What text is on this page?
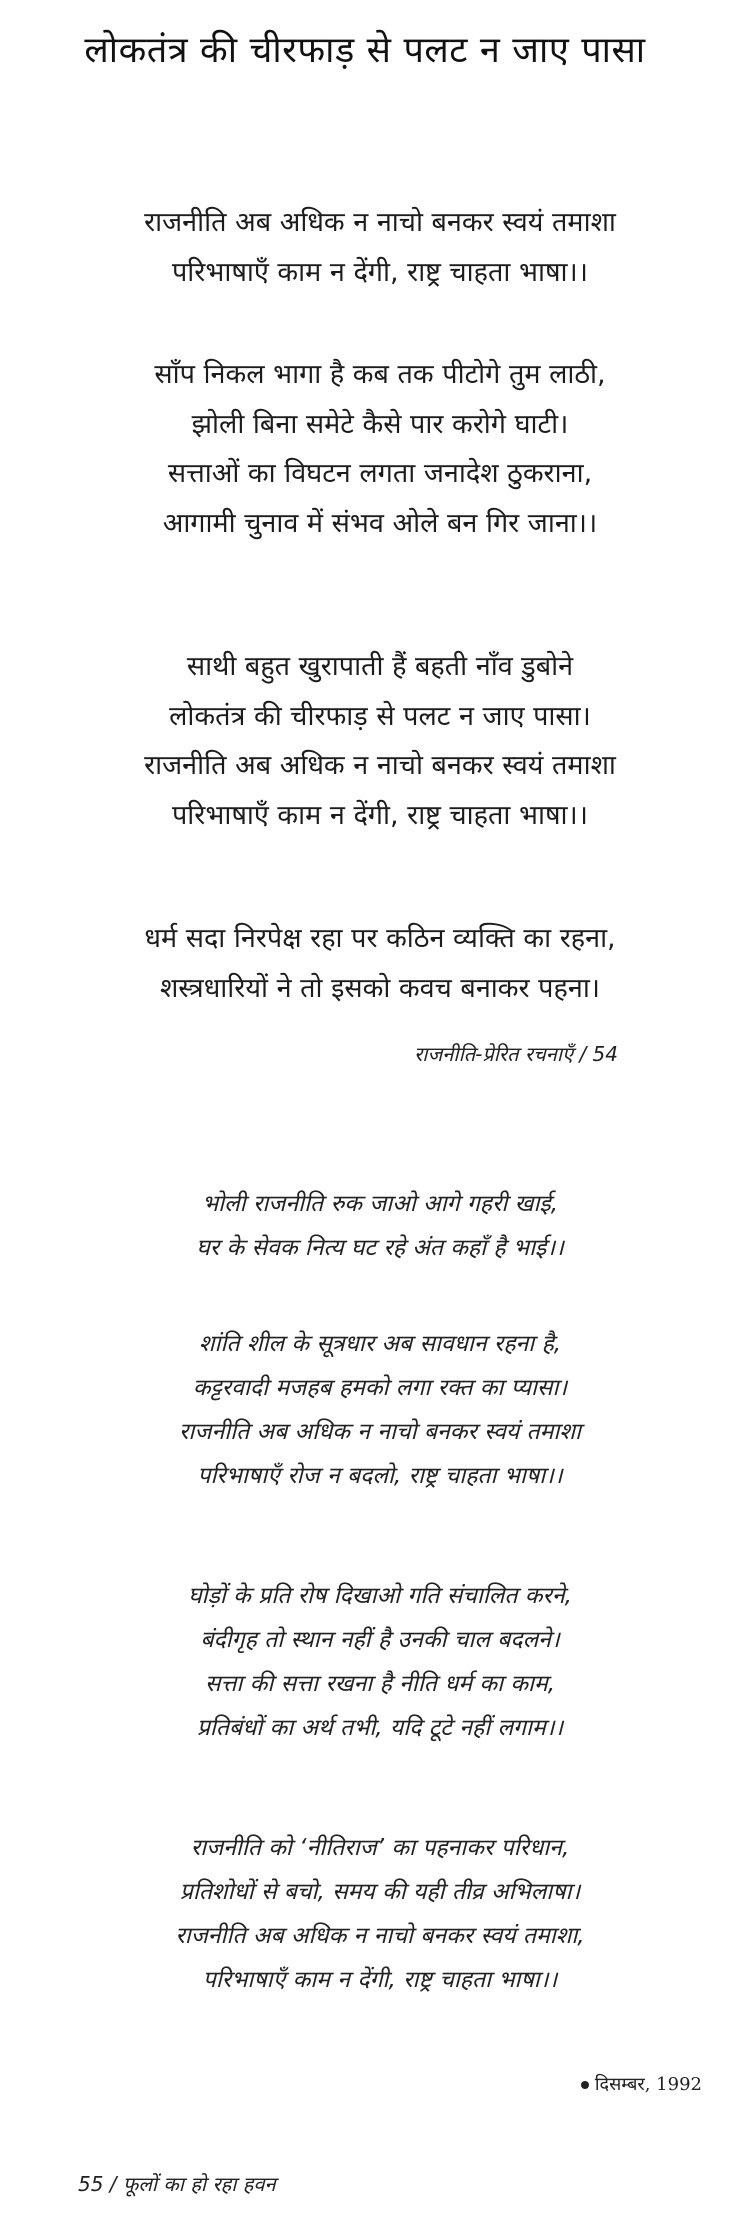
लोकतंत्र की चीरफाड़ से पलट न जाए पासा
राजनीति अब अधिक न नाचो बनकर स्वयं तमाशा
परिभाषाएँ काम न देंगी, राष्ट्र चाहता भाषा।।
साँप निकल भागा है कब तक पीटोगे तुम लाठी,
झोली बिना समेटे कैसे पार करोगे घाटी।
सत्ताओं का विघटन लगता जनादेश ठुकराना,
आगामी चुनाव में संभव ओले बन गिर जाना।।
साथी बहुत खुरापाती हैं बहती नाँव डुबोने
लोकतंत्र की चीरफाड़ से पलट न जाए पासा।
राजनीति अब अधिक न नाचो बनकर स्वयं तमाशा
परिभाषाएँ काम न देंगी, राष्ट्र चाहता भाषा।।
धर्म सदा निरपेक्ष रहा पर कठिन व्यक्ति का रहना,
शस्त्रधारियों ने तो इसको कवच बनाकर पहना।
राजनीति-प्रेरित रचनाएँ / 54
भोली राजनीति रुक जाओ आगे गहरी खाई,
घर के सेवक नित्य घट रहे अंत कहाँ है भाई।।
शांति शील के सूत्रधार अब सावधान रहना है,
कट्टरवादी मजहब हमको लगा रक्त का प्यासा।
राजनीति अब अधिक न नाचो बनकर स्वयं तमाशा
परिभाषाएँ रोज न बदलो, राष्ट्र चाहता भाषा।।
घोड़ों के प्रति रोष दिखाओ गति संचालित करने,
बंदीगृह तो स्थान नहीं है उनकी चाल बदलने।
सत्ता की सत्ता रखना है नीति धर्म का काम,
प्रतिबंधों का अर्थ तभी, यदि टूटे नहीं लगाम।।
राजनीति को ‘नीतिराज’ का पहनाकर परिधान,
प्रतिशोधों से बचो, समय की यही तीव्र अभिलाषा।
राजनीति अब अधिक न नाचो बनकर स्वयं तमाशा,
परिभाषाएँ काम न देंगी, राष्ट्र चाहता भाषा।।
दिसम्बर, 1992
55 / फूलों का हो रहा हवन
